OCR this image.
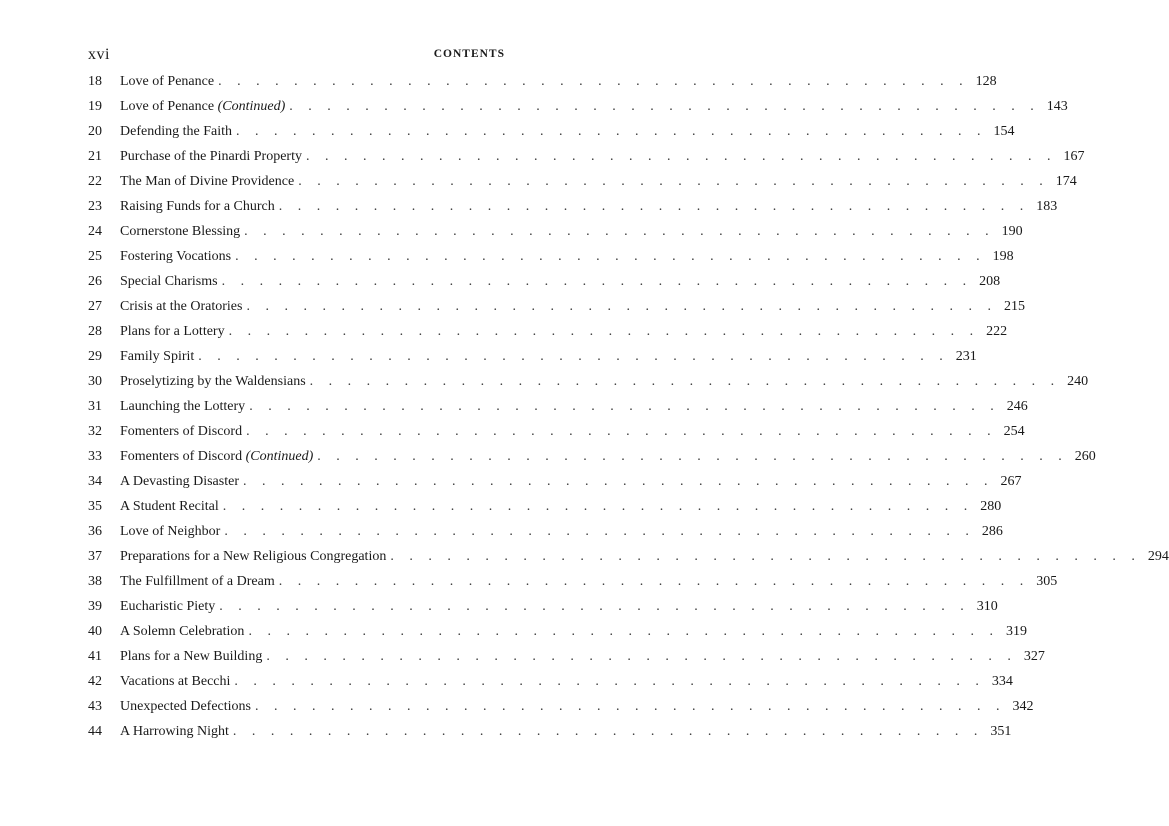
xvi	CONTENTS
18	Love of Penance . . . . . . . . . . . . . . . . . . . . . . . . . . . . . . . . . . . . . . . . 128
19	Love of Penance (Continued) . . . . . . . . . . . . . . . . . . . . . . . . . . . . . . . . . . . . . . . . 143
20	Defending the Faith . . . . . . . . . . . . . . . . . . . . . . . . . . . . . . . . . . . . . . . . 154
21	Purchase of the Pinardi Property . . . . . . . . . . . . . . . . . . . . . . . . . . . . . . . . . . . . . . . . 167
22	The Man of Divine Providence . . . . . . . . . . . . . . . . . . . . . . . . . . . . . . . . . . . . . . . . 174
23	Raising Funds for a Church . . . . . . . . . . . . . . . . . . . . . . . . . . . . . . . . . . . . . . . . 183
24	Cornerstone Blessing . . . . . . . . . . . . . . . . . . . . . . . . . . . . . . . . . . . . . . . . 190
25	Fostering Vocations . . . . . . . . . . . . . . . . . . . . . . . . . . . . . . . . . . . . . . . . 198
26	Special Charisms . . . . . . . . . . . . . . . . . . . . . . . . . . . . . . . . . . . . . . . . 208
27	Crisis at the Oratories . . . . . . . . . . . . . . . . . . . . . . . . . . . . . . . . . . . . . . . . 215
28	Plans for a Lottery . . . . . . . . . . . . . . . . . . . . . . . . . . . . . . . . . . . . . . . . 222
29	Family Spirit . . . . . . . . . . . . . . . . . . . . . . . . . . . . . . . . . . . . . . . . 231
30	Proselytizing by the Waldensians . . . . . . . . . . . . . . . . . . . . . . . . . . . . . . . . . . . . . . . . 240
31	Launching the Lottery . . . . . . . . . . . . . . . . . . . . . . . . . . . . . . . . . . . . . . . . 246
32	Fomenters of Discord . . . . . . . . . . . . . . . . . . . . . . . . . . . . . . . . . . . . . . . . 254
33	Fomenters of Discord (Continued) . . . . . . . . . . . . . . . . . . . . . . . . . . . . . . . . . . . . . . . . 260
34	A Devasting Disaster . . . . . . . . . . . . . . . . . . . . . . . . . . . . . . . . . . . . . . . . 267
35	A Student Recital . . . . . . . . . . . . . . . . . . . . . . . . . . . . . . . . . . . . . . . . 280
36	Love of Neighbor . . . . . . . . . . . . . . . . . . . . . . . . . . . . . . . . . . . . . . . . 286
37	Preparations for a New Religious Congregation . . . . . . . . . . . . . . . . . . . . . . . . . . . . . . . . . . . . . . . . 294
38	The Fulfillment of a Dream . . . . . . . . . . . . . . . . . . . . . . . . . . . . . . . . . . . . . . . . 305
39	Eucharistic Piety . . . . . . . . . . . . . . . . . . . . . . . . . . . . . . . . . . . . . . . . 310
40	A Solemn Celebration . . . . . . . . . . . . . . . . . . . . . . . . . . . . . . . . . . . . . . . . 319
41	Plans for a New Building . . . . . . . . . . . . . . . . . . . . . . . . . . . . . . . . . . . . . . . . 327
42	Vacations at Becchi . . . . . . . . . . . . . . . . . . . . . . . . . . . . . . . . . . . . . . . . 334
43	Unexpected Defections . . . . . . . . . . . . . . . . . . . . . . . . . . . . . . . . . . . . . . . . 342
44	A Harrowing Night . . . . . . . . . . . . . . . . . . . . . . . . . . . . . . . . . . . . . . . . 351
